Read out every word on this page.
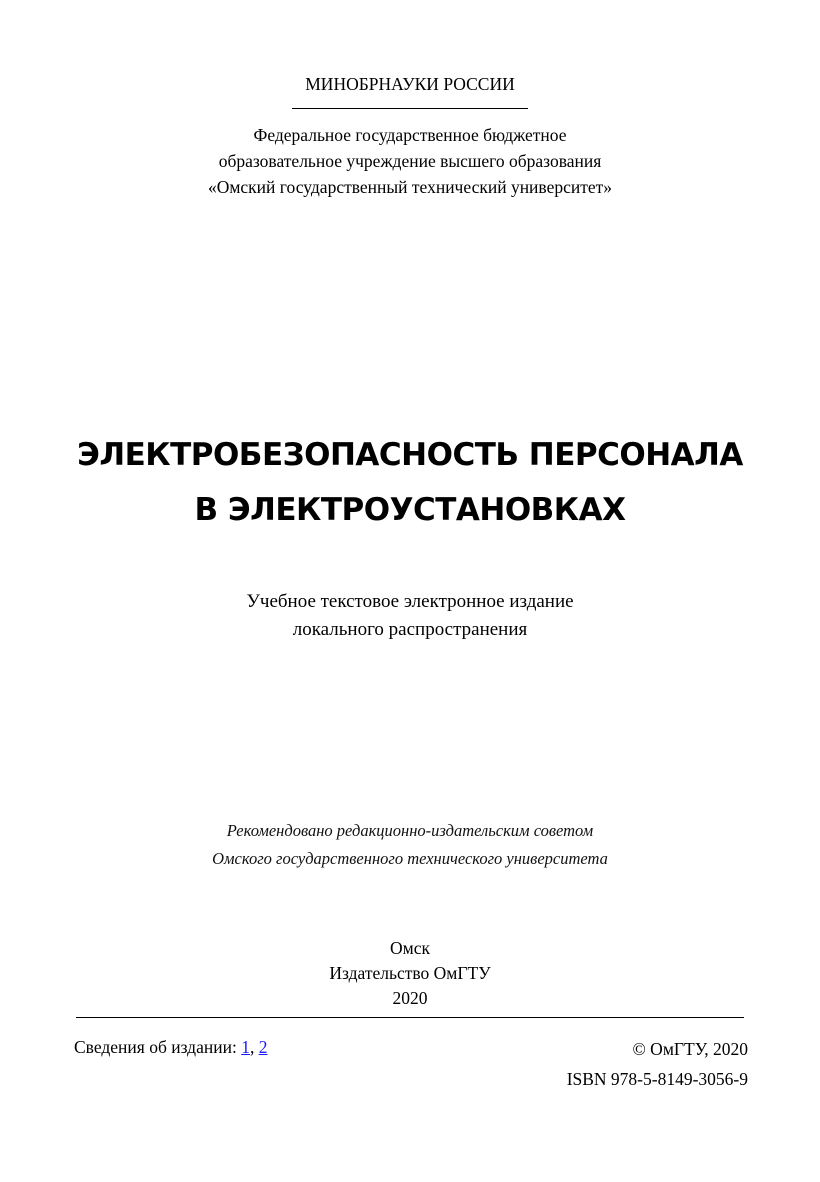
МИНОБРНАУКИ РОССИИ
Федеральное государственное бюджетное
образовательное учреждение высшего образования
«Омский государственный технический университет»
ЭЛЕКТРОБЕЗОПАСНОСТЬ ПЕРСОНАЛА
В ЭЛЕКТРОУСТАНОВКАХ
Учебное текстовое электронное издание
локального распространения
Рекомендовано редакционно-издательским советом
Омского государственного технического университета
Омск
Издательство ОмГТУ
2020
Сведения об издании: 1, 2	© ОмГТУ, 2020
ISBN 978-5-8149-3056-9
